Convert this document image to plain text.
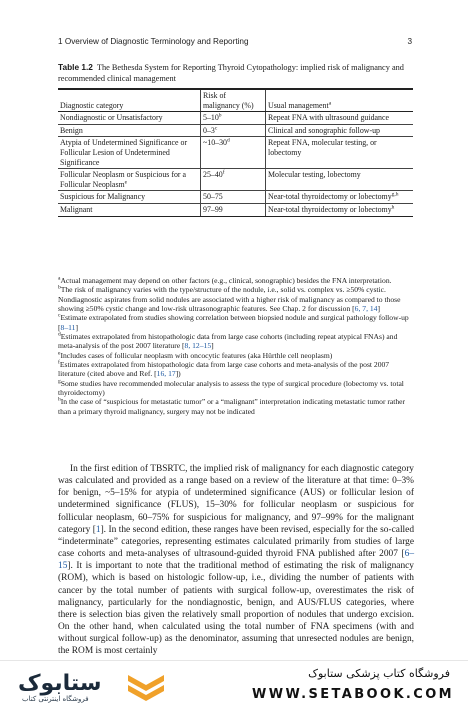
1 Overview of Diagnostic Terminology and Reporting	3
Table 1.2 The Bethesda System for Reporting Thyroid Cytopathology: implied risk of malignancy and recommended clinical management

Diagnostic category	Risk of malignancy (%)	Usual management$^a$
Nondiagnostic or Unsatisfactory	5–10$^b$	Repeat FNA with ultrasound guidance
Benign	0–3$^c$	Clinical and sonographic follow-up
Atypia of Undetermined Significance or Follicular Lesion of Undetermined Significance	~10–30$^d$	Repeat FNA, molecular testing, or lobectomy
Follicular Neoplasm or Suspicious for a Follicular Neoplasm$^e$	25–40$^f$	Molecular testing, lobectomy
Suspicious for Malignancy	50–75	Near-total thyroidectomy or lobectomy$^{g,h}$
Malignant	97–99	Near-total thyroidectomy or lobectomy$^h$

$^a$Actual management may depend on other factors (e.g., clinical, sonographic) besides the FNA interpretation.

$^b$The risk of malignancy varies with the type/structure of the nodule, i.e., solid vs. complex vs. ≥50% cystic. Nondiagnostic aspirates from solid nodules are associated with a higher risk of malignancy as compared to those showing ≥50% cystic change and low-risk ultrasonographic features. See Chap. 2 for discussion [6, 7, 14]

$^c$Estimate extrapolated from studies showing correlation between biopsied nodule and surgical pathology follow-up [8–11]

$^d$Estimates extrapolated from histopathologic data from large case cohorts (including repeat atypical FNAs) and meta-analysis of the post 2007 literature [8, 12–15]

$^e$Includes cases of follicular neoplasm with oncocytic features (aka Hürthle cell neoplasm)

$^f$Estimates extrapolated from histopathologic data from large case cohorts and meta-analysis of the post 2007 literature (cited above and Ref. [16, 17])

$^g$Some studies have recommended molecular analysis to assess the type of surgical procedure (lobectomy vs. total thyroidectomy)

$^h$In the case of “suspicious for metastatic tumor” or a “malignant” interpretation indicating metastatic tumor rather than a primary thyroid malignancy, surgery may not be indicated

In the first edition of TBSRTC, the implied risk of malignancy for each diagnostic category was calculated and provided as a range based on a review of the literature at that time: 0–3% for benign, ~5–15% for atypia of undetermined significance (AUS) or follicular lesion of undetermined significance (FLUS), 15–30% for follicular neoplasm or suspicious for follicular neoplasm, 60–75% for suspicious for malignancy, and 97–99% for the malignant category [1]. In the second edition, these ranges have been revised, especially for the so-called “indeterminate” categories, representing estimates calculated primarily from studies of large case cohorts and meta-analyses of ultrasound-guided thyroid FNA published after 2007 [6–15]. It is important to note that the traditional method of estimating the risk of malignancy (ROM), which is based on histologic follow-up, i.e., dividing the number of patients with cancer by the total number of patients with surgical follow-up, overestimates the risk of malignancy, particularly for the nondiagnostic, benign, and AUS/FLUS categories, where there is selection bias given the relatively small proportion of nodules that undergo excision. On the other hand, when calculated using the total number of FNA specimens (with and without surgical follow-up) as the denominator, assuming that unresected nodules are benign, the ROM is most certainly

ستابوک
فروشگاه اینترنتی کتاب
فروشگاه کتاب پزشکی ستابوک
WWW.SETABOOK.COM
